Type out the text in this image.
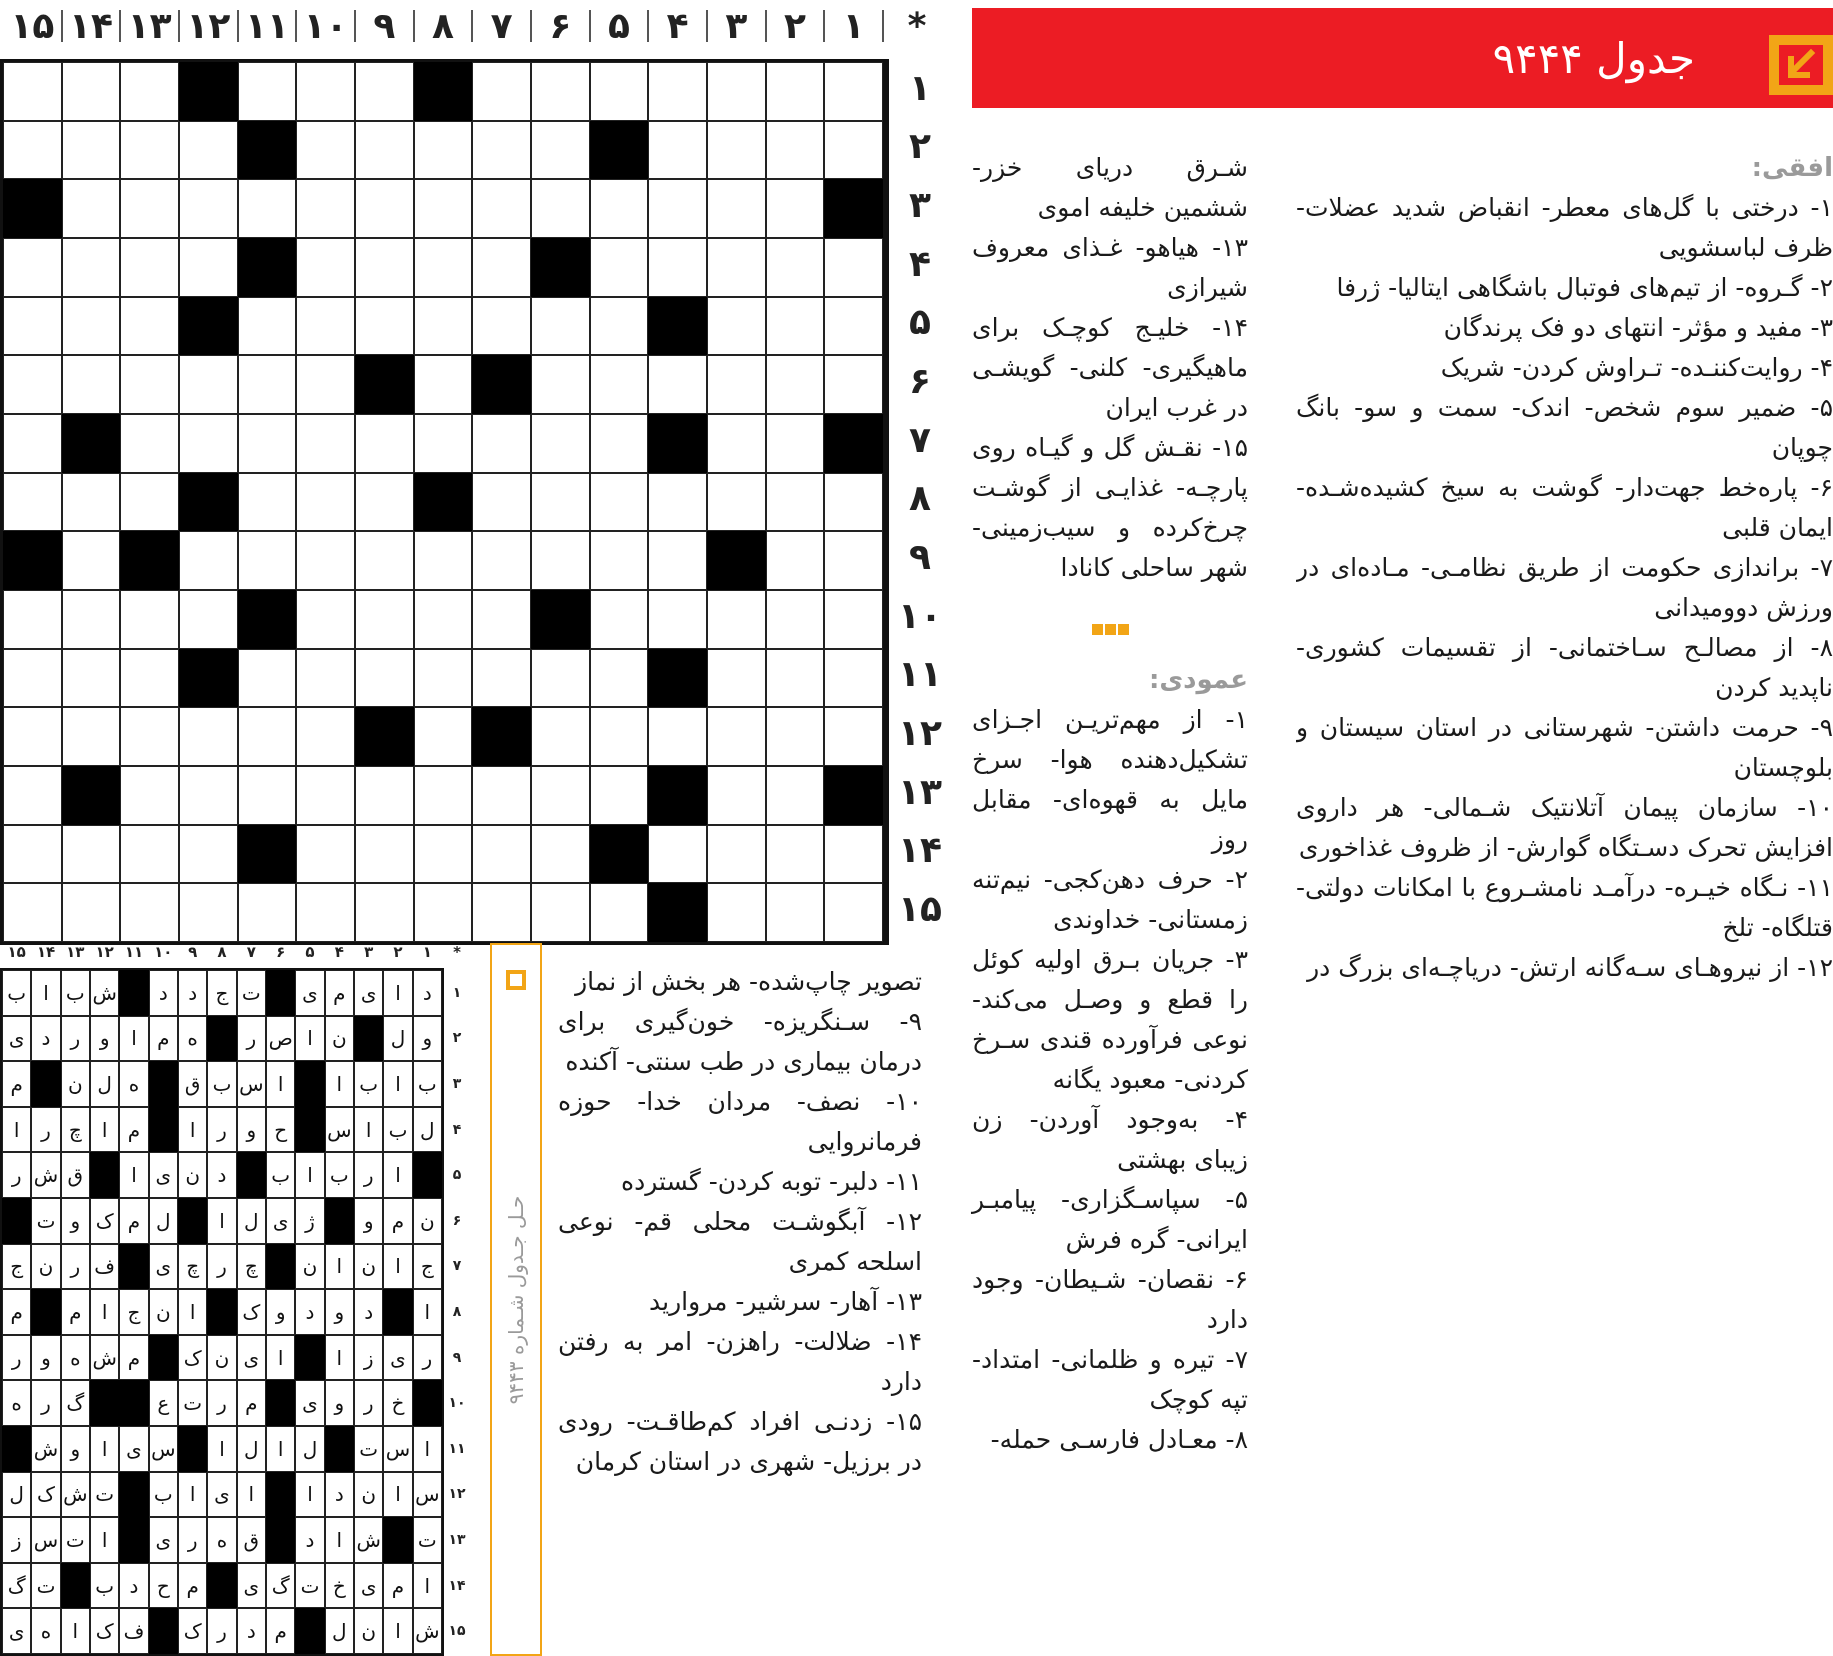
*
۱
۲
۳
۴
۵
۶
۷
۸
۹
۱۰
۱۱
۱۲
۱۳
۱۴
۱۵
۱
۲
۳
۴
۵
۶
۷
۸
۹
۱۰
۱۱
۱۲
۱۳
۱۴
۱۵
جدول ۹۴۴۴

افقی:

۱- درختی با گل‌های معطر- انقباض شدید عضلات- ظرف لباسشویی

۲- گـروه- از تیم‌های فوتبال باشگاهی ایتالیا- ژرفا

۳- مفید و مؤثر- انتهای دو فک پرندگان

۴- روایت‌کننـده- تـراوش کردن- شریک

۵- ضمیر سوم شخص- اندک- سمت و سو- بانگ چوپان

۶- پاره‌خط جهت‌دار- گوشت به سیخ کشیده‌شـده- ایمان قلبی

۷- براندازی حکومت از طریق نظامـی- مـاده‌ای در ورزش دوومیدانی

۸- از مصالـح سـاختمانی- از تقسیمات کشوری- ناپدید کردن

۹- حرمت داشتن- شهرستانی در استان سیستان و بلوچستان

۱۰- سازمان پیمان آتلانتیک شـمالی- هر داروی افزایش تحرک دسـتگاه گوارش- از ظروف غذاخوری

۱۱- نـگاه خیـره- درآمـد نامشـروع با امکانات دولتی- قتلگاه- تلخ

۱۲- از نیروهـای سـه‌گانه ارتش- دریاچـه‌ای بزرگ در

شـرق دریای خزر- ششمین خلیفه اموی

۱۳- هیاهو- غـذای معروف شیرازی

۱۴- خلیـج کوچـک برای ماهیگیری- کلنی- گویشـی در غرب ایران

۱۵- نقـش گل و گیـاه روی پارچـه- غذایـی از گوشـت چرخ‌کرده و سیب‌زمینی- شهر ساحلی کانادا

عمودی:

۱- از مهم‌تریـن اجـزای تشکیل‌دهنده هوا- سرخ مایل به قهوه‌ای- مقابل روز

۲- حرف دهن‌کجی- نیم‌تنه زمستانی- خداوندی

۳- جریان بـرق اولیه کوئل را قطع و وصـل می‌کند- نوعی فرآورده قندی سـرخ کردنی- معبود یگانه

۴- به‌وجود آوردن- زن زیبای بهشتی

۵- سپاسـگزاری- پیامبـر ایرانی- گره فرش

۶- نقصان- شـیطان- وجود دارد

۷- تیره و ظلمانی- امتداد- تپه کوچک

۸- معـادل فارسـی حمله-

تصویر چاپ‌شده- هر بخش از نماز

۹- سـنگریزه- خون‌گیری برای درمان بیماری در طب سنتی- آکنده

۱۰- نصف- مردان خدا- حوزه فرمانروایی

۱۱- دلبر- توبه کردن- گسترده

۱۲- آبگوشـت محلی قم- نوعی اسلحه کمری

۱۳- آهار- سرشیر- مروارید

۱۴- ضلالت- راهزن- امر به رفتن دارد

۱۵- زدنـی افراد کم‌طاقـت- رودی در برزیل- شهری در استان کرمان

حـل جـدول شـماره ۹۴۴۳
*
۱
۲
۳
۴
۵
۶
۷
۸
۹
۱۰
۱۱
۱۲
۱۳
۱۴
۱۵
د
ا
ی
م
ی
ت
ج
د
د
ش
ب
ا
ب
و
ل
ن
ا
ص
ر
ه
م
ا
و
ر
د
ی
ب
ا
ب
ا
ا
س
ب
ق
ه
ل
ن
م
ل
ب
ا
س
ح
و
ر
ا
م
ا
چ
ر
ا
ا
ر
ب
ا
ب
د
ن
ی
ا
ق
ش
ر
ن
م
و
ژ
ی
ل
ا
ل
م
ک
و
ت
ج
ا
ن
ا
ن
چ
ر
چ
ی
ف
ر
ن
ج
ا
د
و
د
و
ک
ا
ن
ج
ا
م
م
ر
ی
ز
ا
ا
ی
ن
ک
م
ش
ه
و
ر
خ
ر
و
ی
م
ر
ت
ع
گ
ر
ه
ا
س
ت
ل
ا
ل
ا
س
ی
ا
و
ش
س
ا
ن
د
ا
ا
ی
ا
ب
ت
ش
ک
ل
ت
ش
ا
د
ق
ه
ر
ی
ا
ت
س
ز
ا
م
ی
خ
ت
گ
ی
م
ح
د
ب
ت
گ
ش
ا
ن
ل
م
د
ر
ک
ف
ک
ا
ه
ی
۱
۲
۳
۴
۵
۶
۷
۸
۹
۱۰
۱۱
۱۲
۱۳
۱۴
۱۵
